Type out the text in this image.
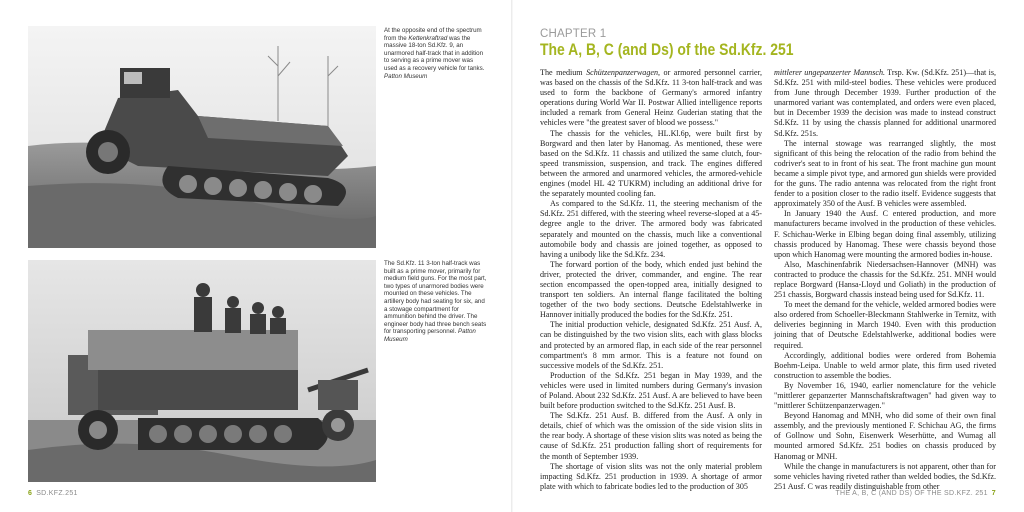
At the opposite end of the spectrum from the Kettenkraftrad was the massive 18-ton Sd.Kfz. 9, an unarmored half-track that in addition to serving as a prime mover was used as a recovery vehicle for tanks. Patton Museum
The Sd.Kfz. 11 3-ton half-track was built as a prime mover, primarily for medium field guns. For the most part, two types of unarmored bodies were mounted on these vehicles. The artillery body had seating for six, and a stowage compartment for ammunition behind the driver. The engineer body had three bench seats for transporting personnel. Patton Museum
6 SD.KFZ.251
CHAPTER 1
The A, B, C (and Ds) of the Sd.Kfz. 251

The medium Schützenpanzerwagen, or armored personnel carrier, was based on the chassis of the Sd.Kfz. 11 3-ton half-track and was used to form the backbone of Germany's armored infantry operations during World War II. Postwar Allied intelligence reports included a remark from General Heinz Guderian stating that the vehicles were "the greatest saver of blood we possess."

The chassis for the vehicles, HL.Kl.6p, were built first by Borgward and then later by Hanomag. As mentioned, these were based on the Sd.Kfz. 11 chassis and utilized the same clutch, four-speed transmission, suspension, and track. The engines differed between the armored and unarmored vehicles, the armored-vehicle engines (model HL 42 TUKRM) including an additional drive for the separately mounted cooling fan.

As compared to the Sd.Kfz. 11, the steering mechanism of the Sd.Kfz. 251 differed, with the steering wheel reverse-sloped at a 45-degree angle to the driver. The armored body was fabricated separately and mounted on the chassis, much like a conventional automobile body and chassis are joined together, as opposed to having a unibody like the Sd.Kfz. 234.

The forward portion of the body, which ended just behind the driver, protected the driver, commander, and engine. The rear section encompassed the open-topped area, initially designed to transport ten soldiers. An internal flange facilitated the bolting together of the two body sections. Deutsche Edelstahlwerke in Hannover initially produced the bodies for the Sd.Kfz. 251.

The initial production vehicle, designated Sd.Kfz. 251 Ausf. A, can be distinguished by the two vision slits, each with glass blocks and protected by an armored flap, in each side of the rear personnel compartment's 8 mm armor. This is a feature not found on successive models of the Sd.Kfz. 251.

Production of the Sd.Kfz. 251 began in May 1939, and the vehicles were used in limited numbers during Germany's invasion of Poland. About 232 Sd.Kfz. 251 Ausf. A are believed to have been built before production switched to the Sd.Kfz. 251 Ausf. B.

The Sd.Kfz. 251 Ausf. B. differed from the Ausf. A only in details, chief of which was the omission of the side vision slits in the rear body. A shortage of these vision slits was noted as being the cause of Sd.Kfz. 251 production falling short of requirements for the month of September 1939.

The shortage of vision slits was not the only material problem impacting Sd.Kfz. 251 production in 1939. A shortage of armor plate with which to fabricate bodies led to the production of 305

mittlerer ungepanzerter Mannsch. Trsp. Kw. (Sd.Kfz. 251)—that is, Sd.Kfz. 251 with mild-steel bodies. These vehicles were produced from June through December 1939. Further production of the unarmored variant was contemplated, and orders were even placed, but in December 1939 the decision was made to instead construct Sd.Kfz. 11 by using the chassis planned for additional unarmored Sd.Kfz. 251s.

The internal stowage was rearranged slightly, the most significant of this being the relocation of the radio from behind the codriver's seat to in front of his seat. The front machine gun mount became a simple pivot type, and armored gun shields were provided for the guns. The radio antenna was relocated from the right front fender to a position closer to the radio itself. Evidence suggests that approximately 350 of the Ausf. B vehicles were assembled.

In January 1940 the Ausf. C entered production, and more manufacturers became involved in the production of these vehicles. F. Schichau-Werke in Elbing began doing final assembly, utilizing chassis produced by Hanomag. These were chassis beyond those upon which Hanomag were mounting the armored bodies in-house.

Also, Maschinenfabrik Niedersachsen-Hannover (MNH) was contracted to produce the chassis for the Sd.Kfz. 251. MNH would replace Borgward (Hansa-Lloyd und Goliath) in the production of 251 chassis, Borgward chassis instead being used for Sd.Kfz. 11.

To meet the demand for the vehicle, welded armored bodies were also ordered from Schoeller-Bleckmann Stahlwerke in Ternitz, with deliveries beginning in March 1940. Even with this production joining that of Deutsche Edelstahlwerke, additional bodies were required.

Accordingly, additional bodies were ordered from Bohemia Boehm-Leipa. Unable to weld armor plate, this firm used riveted construction to assemble the bodies.

By November 16, 1940, earlier nomenclature for the vehicle "mittlerer gepanzerter Mannschaftskraftwagen" had given way to "mittlerer Schützenpanzerwagen."

Beyond Hanomag and MNH, who did some of their own final assembly, and the previously mentioned F. Schichau AG, the firms of Gollnow und Sohn, Eisenwerk Weserhütte, and Wumag all mounted armored Sd.Kfz. 251 bodies on chassis produced by Hanomag or MNH.

While the change in manufacturers is not apparent, other than for some vehicles having riveted rather than welded bodies, the Sd.Kfz. 251 Ausf. C was readily distinguishable from other

THE A, B, C (AND DS) OF THE SD.KFZ. 251 7
